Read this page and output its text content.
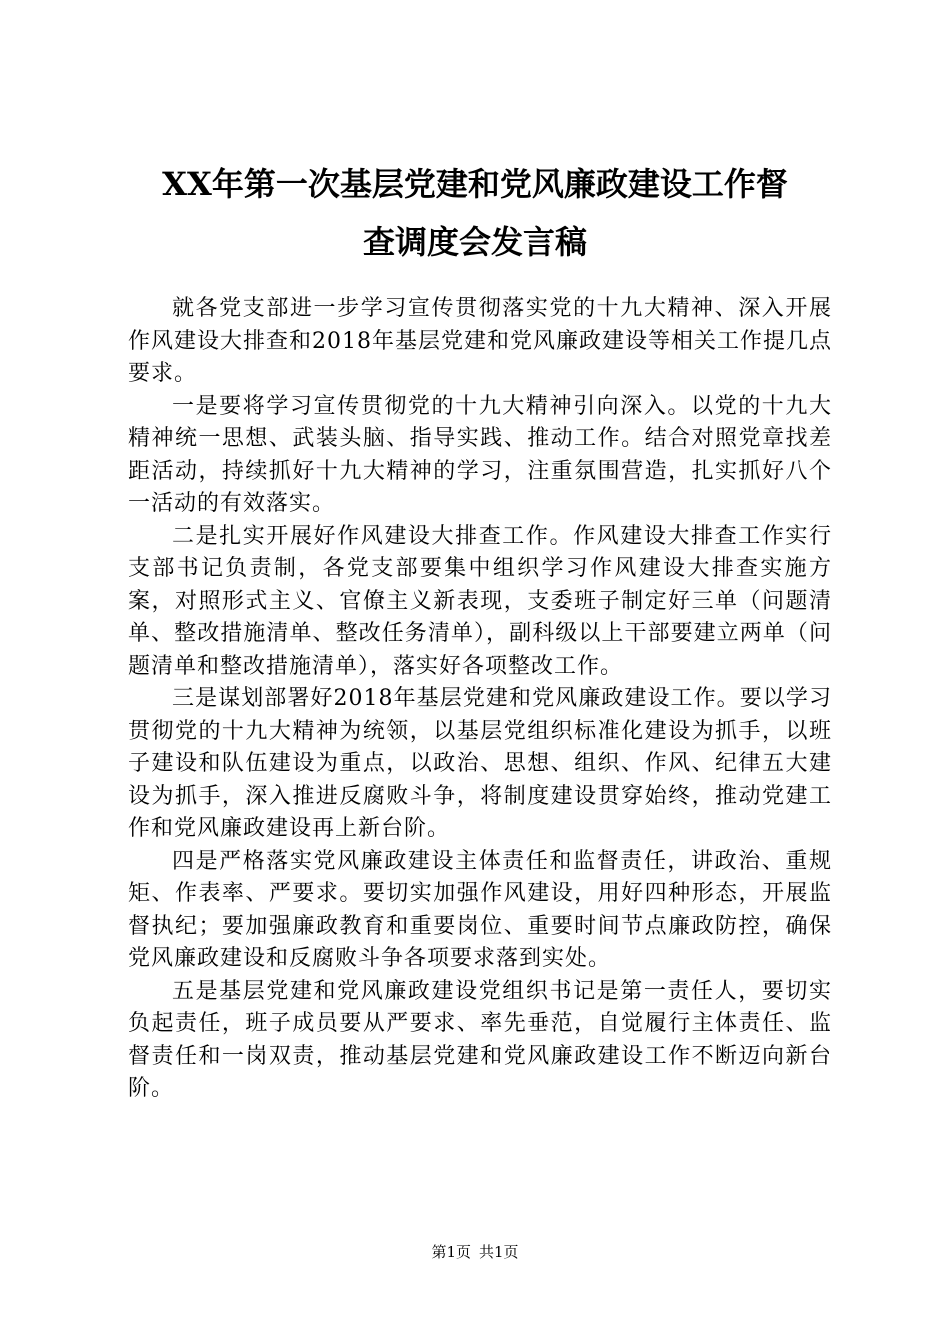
XX年第一次基层党建和党风廉政建设工作督
查调度会发言稿

就各党支部进一步学习宣传贯彻落实党的十九大精神、深入开展作风建设大排查和2018年基层党建和党风廉政建设等相关工作提几点要求。

一是要将学习宣传贯彻党的十九大精神引向深入。以党的十九大精神统一思想、武装头脑、指导实践、推动工作。结合对照党章找差距活动，持续抓好十九大精神的学习，注重氛围营造，扎实抓好八个一活动的有效落实。

二是扎实开展好作风建设大排查工作。作风建设大排查工作实行支部书记负责制，各党支部要集中组织学习作风建设大排查实施方案，对照形式主义、官僚主义新表现，支委班子制定好三单（问题清单、整改措施清单、整改任务清单），副科级以上干部要建立两单（问题清单和整改措施清单），落实好各项整改工作。

三是谋划部署好2018年基层党建和党风廉政建设工作。要以学习贯彻党的十九大精神为统领，以基层党组织标准化建设为抓手，以班子建设和队伍建设为重点，以政治、思想、组织、作风、纪律五大建设为抓手，深入推进反腐败斗争，将制度建设贯穿始终，推动党建工作和党风廉政建设再上新台阶。

四是严格落实党风廉政建设主体责任和监督责任，讲政治、重规矩、作表率、严要求。要切实加强作风建设，用好四种形态，开展监督执纪；要加强廉政教育和重要岗位、重要时间节点廉政防控，确保党风廉政建设和反腐败斗争各项要求落到实处。

五是基层党建和党风廉政建设党组织书记是第一责任人，要切实负起责任，班子成员要从严要求、率先垂范，自觉履行主体责任、监督责任和一岗双责，推动基层党建和党风廉政建设工作不断迈向新台阶。

第1页 共1页
